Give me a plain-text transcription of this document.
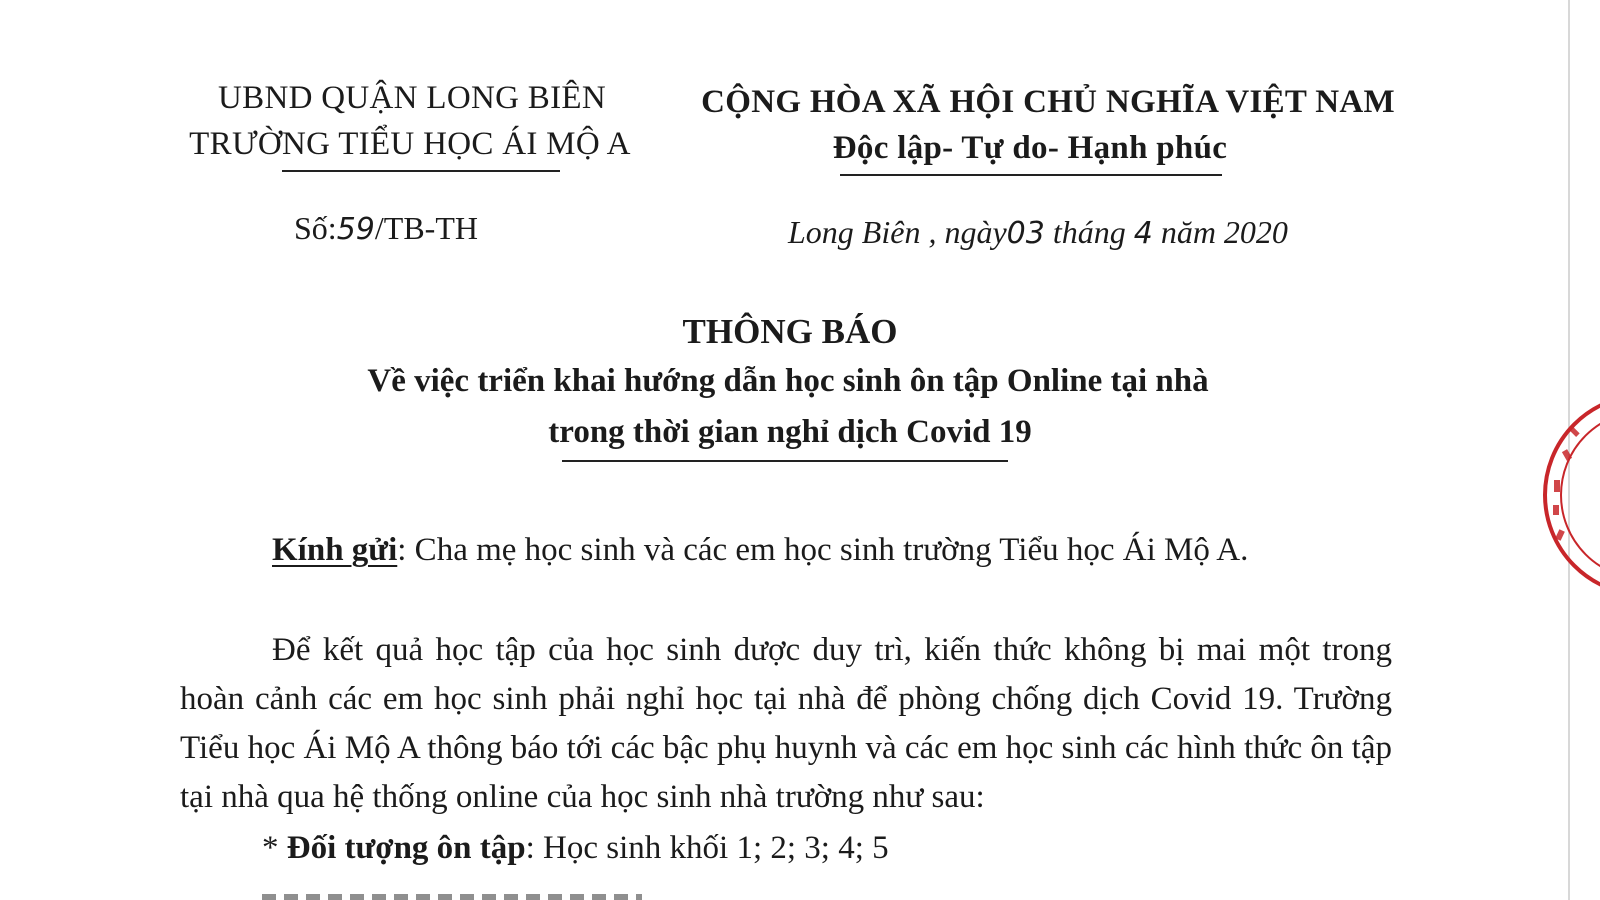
UBND QUẬN LONG BIÊN
TRƯỜNG TIỂU HỌC ÁI MỘ A
Số:59/TB-TH
CỘNG HÒA XÃ HỘI CHỦ NGHĨA VIỆT NAM
Độc lập- Tự do- Hạnh phúc
Long Biên , ngày03 tháng 4 năm 2020
THÔNG BÁO
Về việc triển khai hướng dẫn học sinh ôn tập Online tại nhà
trong thời gian nghỉ dịch Covid 19
Kính gửi: Cha mẹ học sinh và các em học sinh trường Tiểu học Ái Mộ A.
Để kết quả học tập của học sinh dược duy trì, kiến thức không bị mai một trong hoàn cảnh các em học sinh phải nghỉ học tại nhà để phòng chống dịch Covid 19. Trường Tiểu học Ái Mộ A thông báo tới các bậc phụ huynh và các em học sinh các hình thức ôn tập tại nhà qua hệ thống online của học sinh nhà trường như sau:
* Đối tượng ôn tập: Học sinh khối 1; 2; 3; 4; 5
